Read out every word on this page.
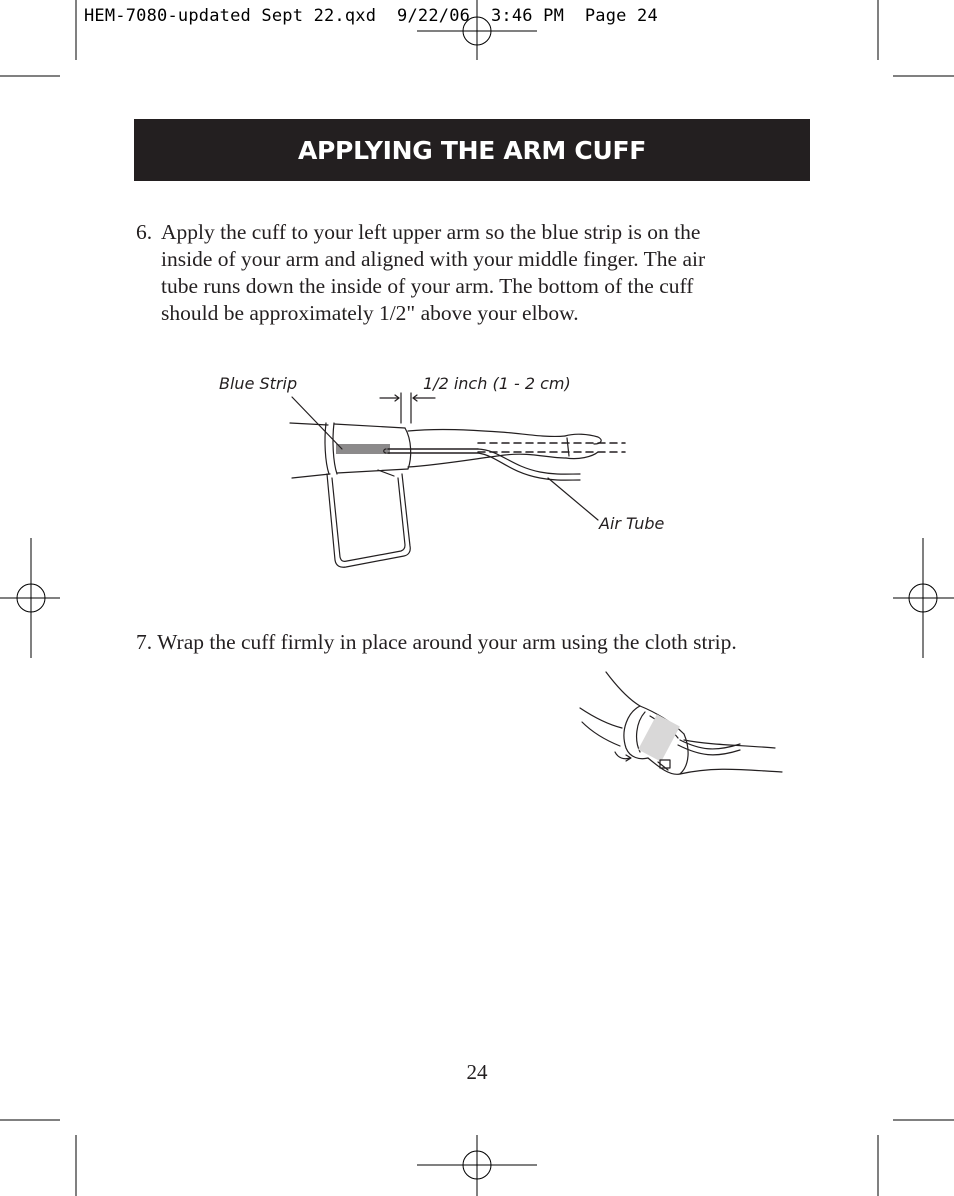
HEM-7080-updated Sept 22.qxd  9/22/06  3:46 PM  Page 24
APPLYING THE ARM CUFF
6. Apply the cuff to your left upper arm so the blue strip is on the
inside of your arm and aligned with your middle finger. The air
tube runs down the inside of your arm. The bottom of the cuff
should be approximately 1/2" above your elbow.
Blue Strip	1/2 inch (1 - 2 cm)
Air Tube
7. Wrap the cuff firmly in place around your arm using the cloth strip.
24
